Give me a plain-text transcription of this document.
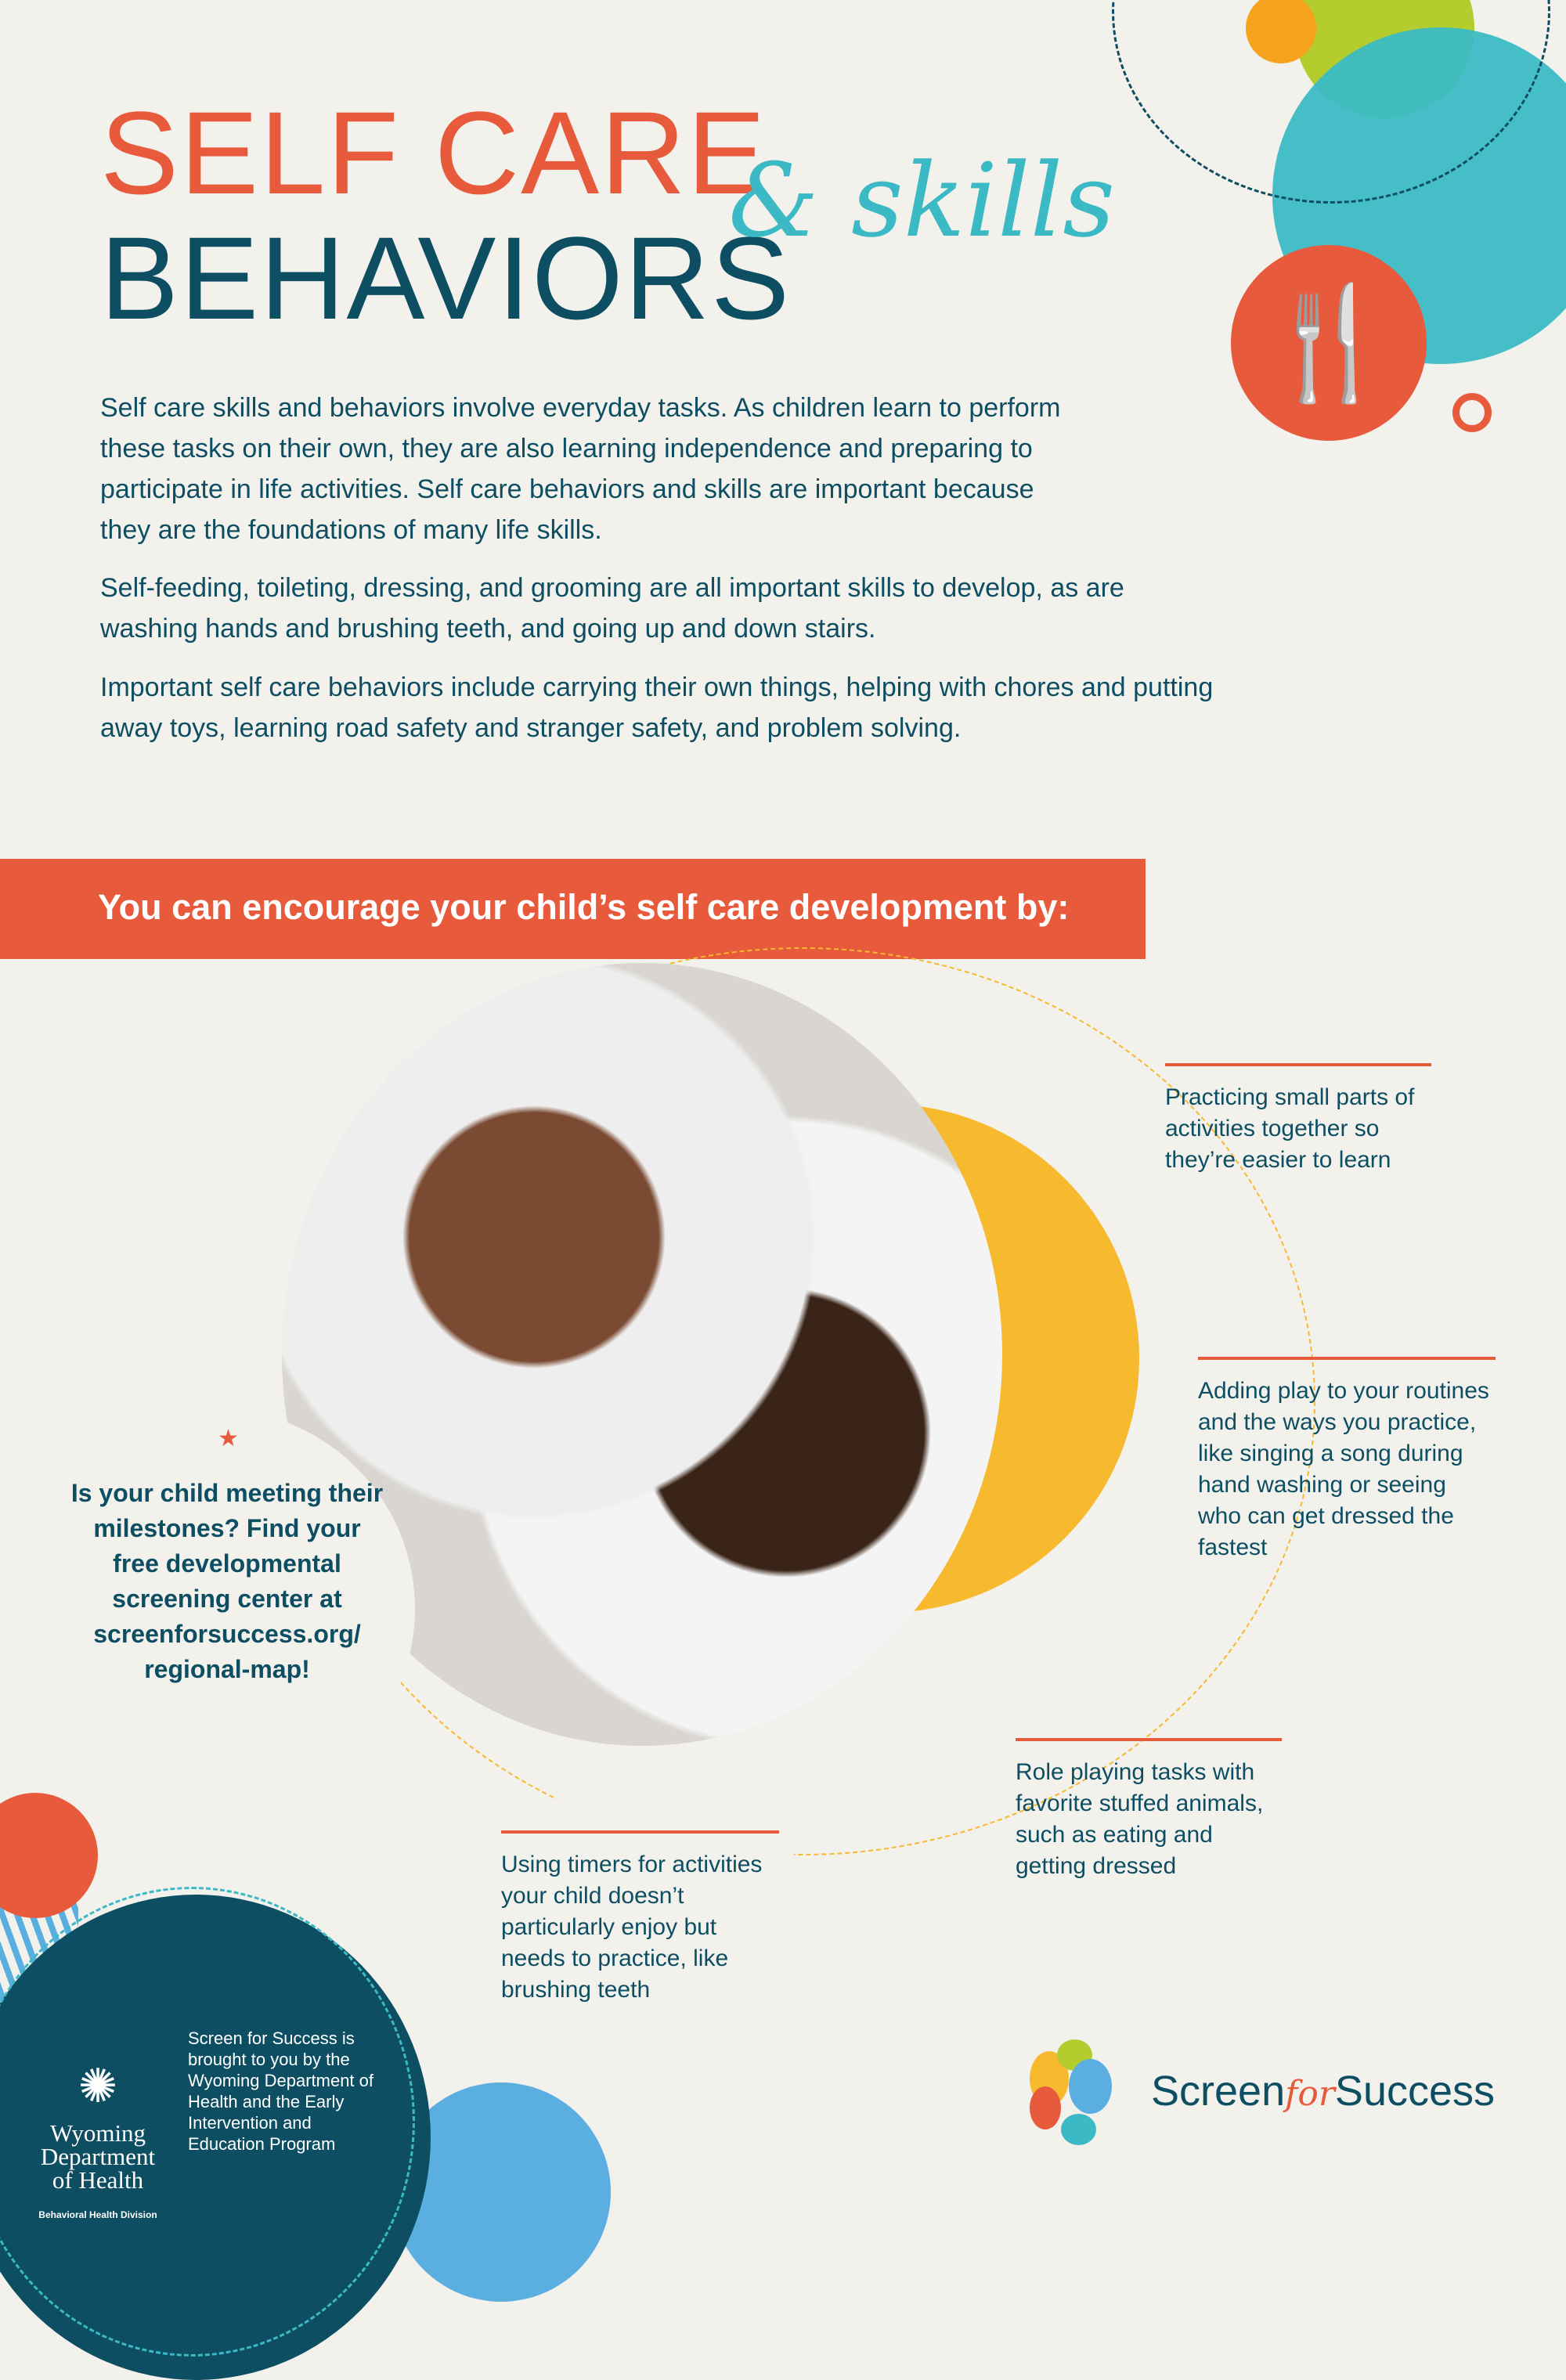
🍴
SELF CARE
BEHAVIORS
& skills

Self care skills and behaviors involve everyday tasks. As children learn to perform these tasks on their own, they are also learning independence and preparing to participate in life activities. Self care behaviors and skills are important because they are the foundations of many life skills.

Self-feeding, toileting, dressing, and grooming are all important skills to develop, as are washing hands and brushing teeth, and going up and down stairs.

Important self care behaviors include carrying their own things, helping with chores and putting away toys, learning road safety and stranger safety, and problem solving.

You can encourage your child’s self care development by:
Practicing small parts of activities together so they’re easier to learn
Adding play to your routines and the ways you practice, like singing a song during hand washing or seeing who can get dressed the fastest
Role playing tasks with favorite stuffed animals, such as eating and getting dressed
Using timers for activities your child doesn’t particularly enjoy but needs to practice, like brushing teeth
★
Is your child meeting their milestones? Find your free developmental screening center at screenforsuccess.org/ regional-map!
✺
Wyoming Department of Health
Behavioral Health Division
Screen for Success is brought to you by the Wyoming Department of Health and the Early Intervention and Education Program
ScreenforSuccess
